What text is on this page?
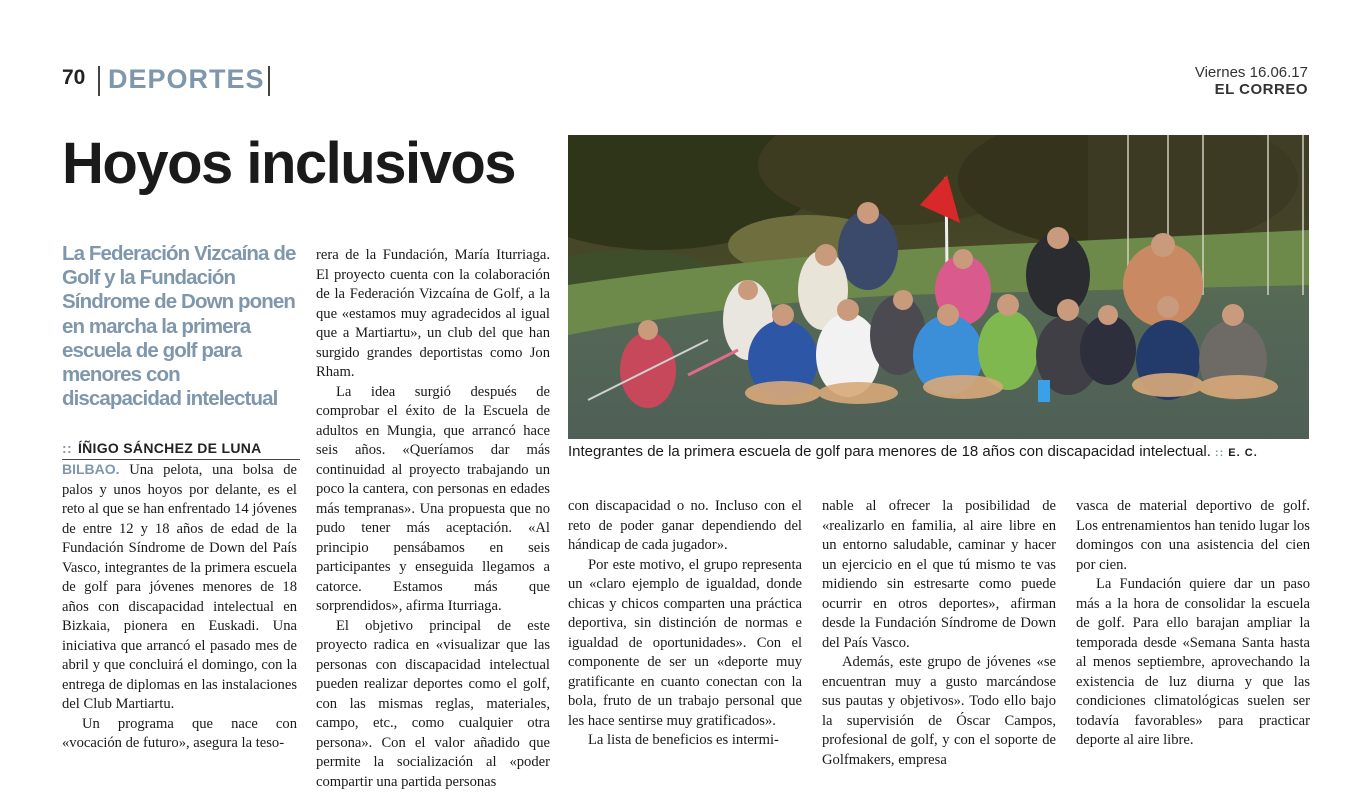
70 DEPORTES	Viernes 16.06.17
EL CORREO
Hoyos inclusivos
La Federación Vizcaína de Golf y la Fundación Síndrome de Down ponen en marcha la primera escuela de golf para menores con discapacidad intelectual
:: ÍÑIGO SÁNCHEZ DE LUNA

BILBAO. Una pelota, una bolsa de palos y unos hoyos por delante, es el reto al que se han enfrentado 14 jóvenes de entre 12 y 18 años de edad de la Fundación Síndrome de Down del País Vasco, integrantes de la primera escuela de golf para jóvenes menores de 18 años con discapacidad intelectual en Bizkaia, pionera en Euskadi. Una iniciativa que arrancó el pasado mes de abril y que concluirá el domingo, con la entrega de diplomas en las instalaciones del Club Martiartu.

Un programa que nace con «vocación de futuro», asegura la teso-

rera de la Fundación, María Iturriaga. El proyecto cuenta con la colaboración de la Federación Vizcaína de Golf, a la que «estamos muy agradecidos al igual que a Martiartu», un club del que han surgido grandes deportistas como Jon Rham.

La idea surgió después de comprobar el éxito de la Escuela de adultos en Mungia, que arrancó hace seis años. «Queríamos dar más continuidad al proyecto trabajando un poco la cantera, con personas en edades más tempranas». Una propuesta que no pudo tener más aceptación. «Al principio pensábamos en seis participantes y enseguida llegamos a catorce. Estamos más que sorprendidos», afirma Iturriaga.

El objetivo principal de este proyecto radica en «visualizar que las personas con discapacidad intelectual pueden realizar deportes como el golf, con las mismas reglas, materiales, campo, etc., como cualquier otra persona». Con el valor añadido que permite la socialización al «poder compartir una partida personas

Integrantes de la primera escuela de golf para menores de 18 años con discapacidad intelectual. :: E. C.

con discapacidad o no. Incluso con el reto de poder ganar dependiendo del hándicap de cada jugador».

Por este motivo, el grupo representa un «claro ejemplo de igualdad, donde chicas y chicos comparten una práctica deportiva, sin distinción de normas e igualdad de oportunidades». Con el componente de ser un «deporte muy gratificante en cuanto conectan con la bola, fruto de un trabajo personal que les hace sentirse muy gratificados».

La lista de beneficios es intermi-

nable al ofrecer la posibilidad de «realizarlo en familia, al aire libre en un entorno saludable, caminar y hacer un ejercicio en el que tú mismo te vas midiendo sin estresarte como puede ocurrir en otros deportes», afirman desde la Fundación Síndrome de Down del País Vasco.

Además, este grupo de jóvenes «se encuentran muy a gusto marcándose sus pautas y objetivos». Todo ello bajo la supervisión de Óscar Campos, profesional de golf, y con el soporte de Golfmakers, empresa

vasca de material deportivo de golf. Los entrenamientos han tenido lugar los domingos con una asistencia del cien por cien.

La Fundación quiere dar un paso más a la hora de consolidar la escuela de golf. Para ello barajan ampliar la temporada desde «Semana Santa hasta al menos septiembre, aprovechando la existencia de luz diurna y que las condiciones climatológicas suelen ser todavía favorables» para practicar deporte al aire libre.
